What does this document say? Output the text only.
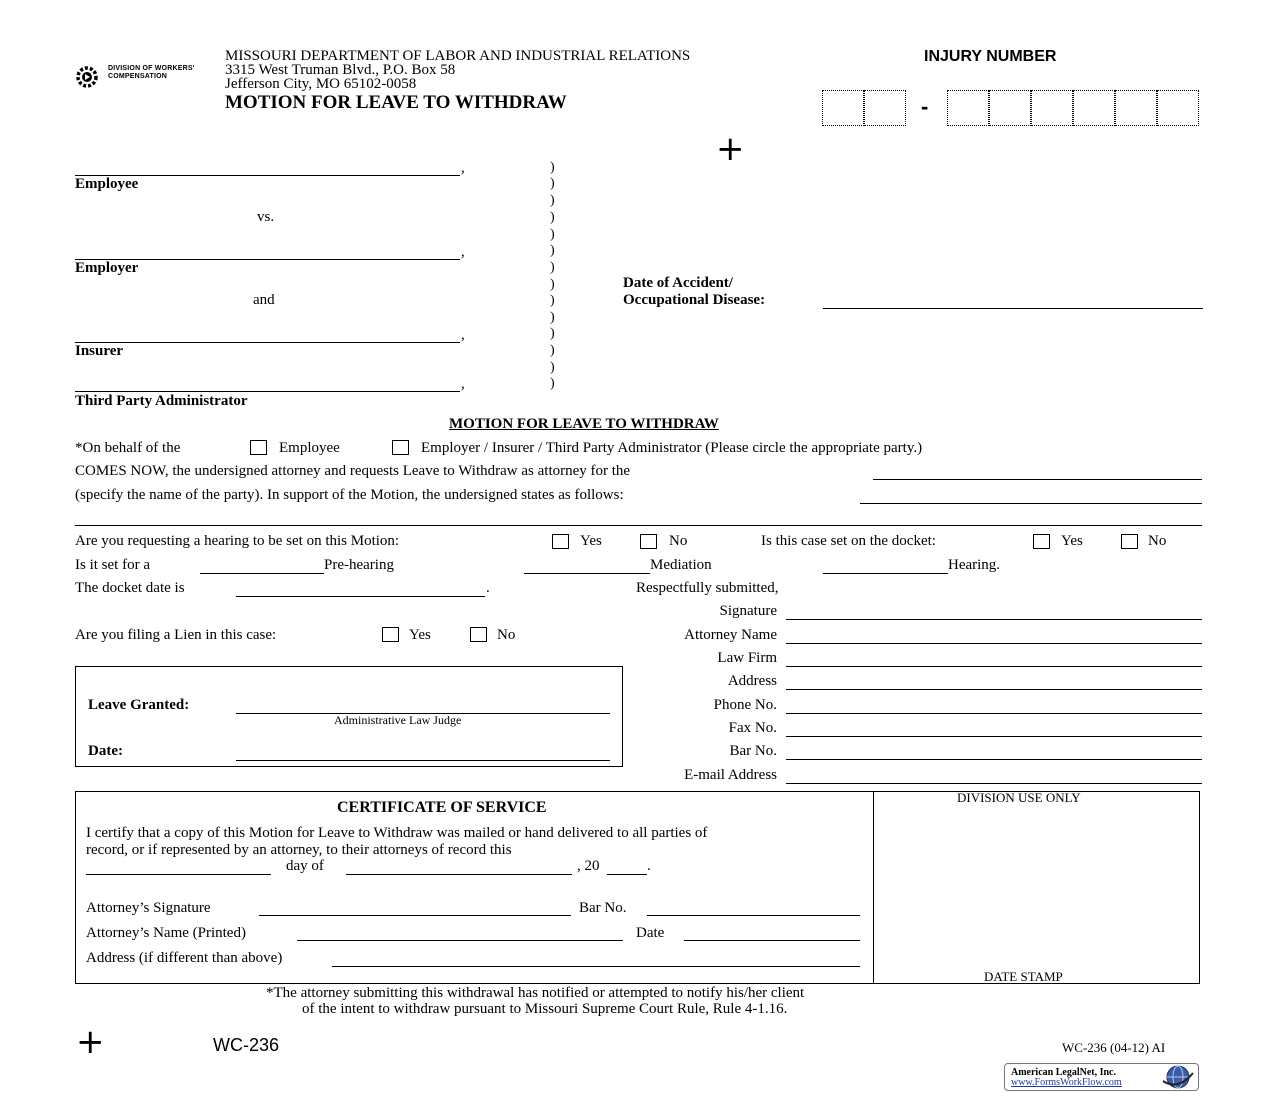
DIVISION OF WORKERS' COMPENSATION
MISSOURI DEPARTMENT OF LABOR AND INDUSTRIAL RELATIONS
3315 West Truman Blvd., P.O. Box 58
Jefferson City, MO 65102-0058
MOTION FOR LEAVE TO WITHDRAW
INJURY NUMBER
-
+
,
Employee
vs.
,
Employer
and
,
Insurer
,
Third Party Administrator
)
)
)
)
)
)
)
)
)
)
)
)
)
)
Date of Accident/
Occupational Disease:
MOTION FOR LEAVE TO WITHDRAW
*On behalf of the	Employee	Employer / Insurer / Third Party Administrator (Please circle the appropriate party.)
COMES NOW, the undersigned attorney and requests Leave to Withdraw as attorney for the
(specify the name of the party). In support of the Motion, the undersigned states as follows:
Are you requesting a hearing to be set on this Motion:	Yes	No	Is this case set on the docket:	Yes	No
Is it set for a	Pre-hearing	Mediation	Hearing.
The docket date is	.
Are you filing a Lien in this case:	Yes	No
Respectfully submitted,
Signature
Attorney Name
Law Firm
Address
Phone No.
Fax No.
Bar No.
E-mail Address
Leave Granted:
Administrative Law Judge
Date:
CERTIFICATE OF SERVICE
I certify that a copy of this Motion for Leave to Withdraw was mailed or hand delivered to all parties of
record, or if represented by an attorney, to their attorneys of record this
day of	, 20	.
Attorney’s Signature	Bar No.
Attorney’s Name (Printed)	Date
Address (if different than above)
DIVISION USE ONLY
DATE STAMP
*The attorney submitting this withdrawal has notified or attempted to notify his/her client
of the intent to withdraw pursuant to Missouri Supreme Court Rule, Rule 4-1.16.
+	WC-236	WC-236 (04-12) AI
American LegalNet, Inc.
www.FormsWorkFlow.com
